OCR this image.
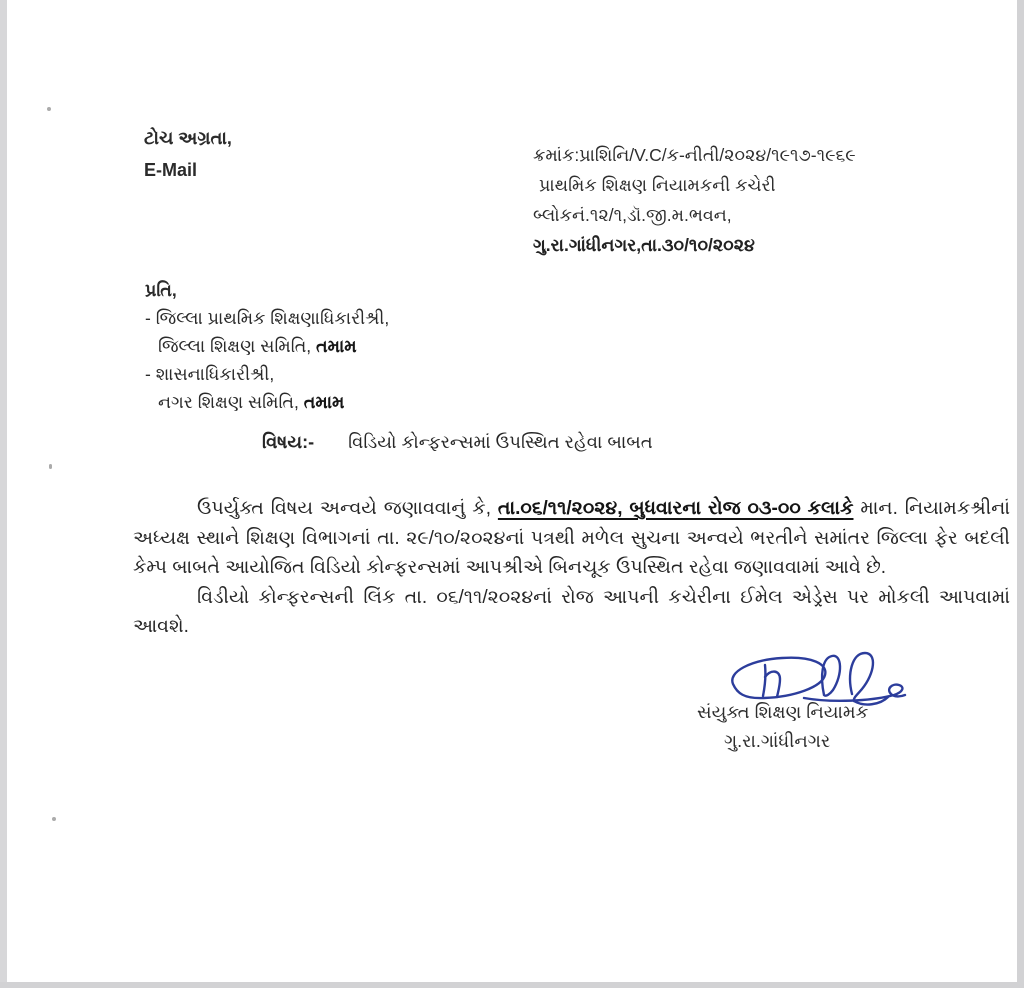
ટોચ અગ્રતા,
E-Mail
ક્રમાંક:પ્રાશિનિ/V.C/ક-નીતી/૨૦૨૪/૧૯૧૭-૧૯૬૯
પ્રાથમિક શિક્ષણ નિયામકની કચેરી
બ્લોકનં.૧૨/૧,ડૉ.જી.મ.ભવન,
ગુ.રા.ગાંધીનગર,તા.૩૦/૧૦/૨૦૨૪
પ્રતિ,
- જિલ્લા પ્રાથમિક શિક્ષણાધિકારીશ્રી,
જિલ્લા શિક્ષણ સમિતિ, તમામ
- શાસનાધિકારીશ્રી,
નગર શિક્ષણ સમિતિ, તમામ
વિષય:- વિડિયો કોન્ફરન્સમાં ઉપસ્થિત રહેવા બાબત

ઉપર્યુક્ત વિષય અન્વયે જણાવવાનું કે, તા.૦૬/૧૧/૨૦૨૪, બુધવારના રોજ ૦૩-૦૦ કલાકે માન. નિયામકશ્રીનાં અધ્યક્ષ સ્થાને શિક્ષણ વિભાગનાં તા. ૨૯/૧૦/૨૦૨૪નાં પત્રથી મળેલ સુચના અન્વયે ભરતીને સમાંતર જિલ્લા ફેર બદલી કેમ્પ બાબતે આયોજિત વિડિયો કોન્ફરન્સમાં આપશ્રીએ બિનચૂક ઉપસ્થિત રહેવા જણાવવામાં આવે છે.

વિડીયો કોન્ફરન્સની લિંક તા. ૦૬/૧૧/૨૦૨૪નાં રોજ આપની કચેરીના ઈમેલ એડ્રેસ પર મોકલી આપવામાં આવશે.

સંયુક્ત શિક્ષણ નિયામક
ગુ.રા.ગાંધીનગર
